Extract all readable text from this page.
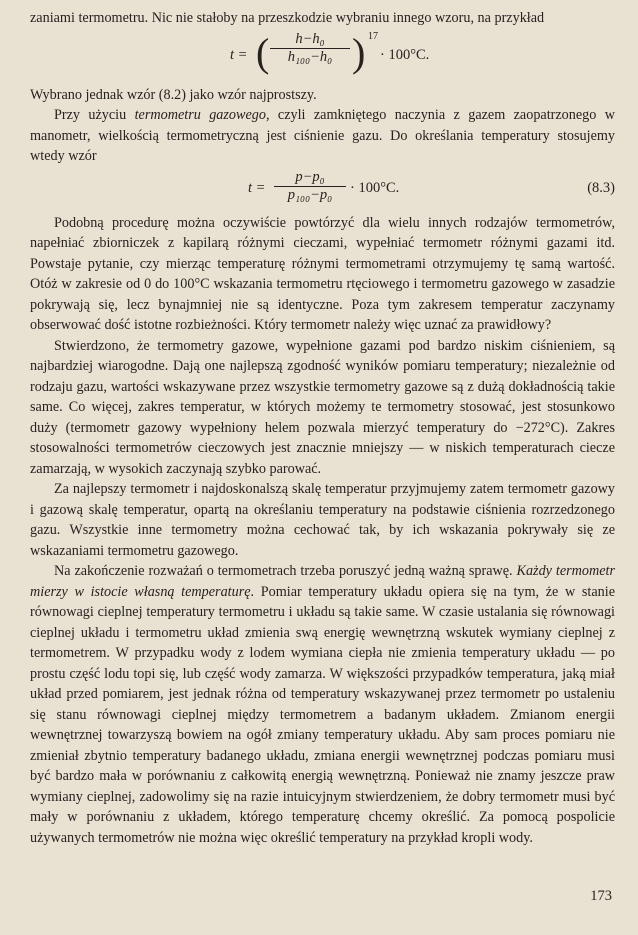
zaniami termometru. Nic nie stałoby na przeszkodzie wybraniu innego wzoru, na przykład

t = ( $\frac{\text{h−h₀}}{\text{h₁₀₀−h₀}}$ ) 17
· 100°C.

Wybrano jednak wzór (8.2) jako wzór najprostszy.

Przy użyciu termometru gazowego, czyli zamkniętego naczynia z gazem zaopatrzonego w manometr, wielkością termometryczną jest ciśnienie gazu. Do określania temperatury stosujemy wtedy wzór

$t = \frac{\text{p−p₀}}{\text{p₁₀₀−p₀}} \cdot 100^\circ C$.	(8.3)

Podobną procedurę można oczywiście powtórzyć dla wielu innych rodzajów termometrów, napełniać zbiorniczek z kapilarą różnymi cieczami, wypełniać termometr różnymi gazami itd. Powstaje pytanie, czy mierząc temperaturę różnymi termometrami otrzymujemy tę samą wartość. Otóż w zakresie od 0 do 100°C wskazania termometru rtęciowego i termometru gazowego w zasadzie pokrywają się, lecz bynajmniej nie są identyczne. Poza tym zakresem temperatur zaczynamy obserwować dość istotne rozbieżności. Który termometr należy więc uznać za prawidłowy?

Stwierdzono, że termometry gazowe, wypełnione gazami pod bardzo niskim ciśnieniem, są najbardziej wiarogodne. Dają one najlepszą zgodność wyników pomiaru temperatury; niezależnie od rodzaju gazu, wartości wskazywane przez wszystkie termometry gazowe są z dużą dokładnością takie same. Co więcej, zakres temperatur, w których możemy te termometry stosować, jest stosunkowo duży (termometr gazowy wypełniony helem pozwala mierzyć temperatury do −272°C). Zakres stosowalności termometrów cieczowych jest znacznie mniejszy — w niskich temperaturach ciecze zamarzają, w wysokich zaczynają szybko parować.

Za najlepszy termometr i najdoskonalszą skalę temperatur przyjmujemy zatem termometr gazowy i gazową skalę temperatur, opartą na określaniu temperatury na podstawie ciśnienia rozrzedzonego gazu. Wszystkie inne termometry można cechować tak, by ich wskazania pokrywały się ze wskazaniami termometru gazowego.

Na zakończenie rozważań o termometrach trzeba poruszyć jedną ważną sprawę. Każdy termometr mierzy w istocie własną temperaturę. Pomiar temperatury układu opiera się na tym, że w stanie równowagi cieplnej temperatury termometru i układu są takie same. W czasie ustalania się równowagi cieplnej układu i termometru układ zmienia swą energię wewnętrzną wskutek wymiany cieplnej z termometrem. W przypadku wody z lodem wymiana ciepła nie zmienia temperatury układu — po prostu część lodu topi się, lub część wody zamarza. W większości przypadków temperatura, jaką miał układ przed pomiarem, jest jednak różna od temperatury wskazywanej przez termometr po ustaleniu się stanu równowagi cieplnej między termometrem a badanym układem. Zmianom energii wewnętrznej towarzyszą bowiem na ogół zmiany temperatury układu. Aby sam proces pomiaru nie zmieniał zbytnio temperatury badanego układu, zmiana energii wewnętrznej podczas pomiaru musi być bardzo mała w porównaniu z całkowitą energią wewnętrzną. Ponieważ nie znamy jeszcze praw wymiany cieplnej, zadowolimy się na razie intuicyjnym stwierdzeniem, że dobry termometr musi być mały w porównaniu z układem, którego temperaturę chcemy określić. Za pomocą pospolicie używanych termometrów nie można więc określić temperatury na przykład kropli wody.

173
